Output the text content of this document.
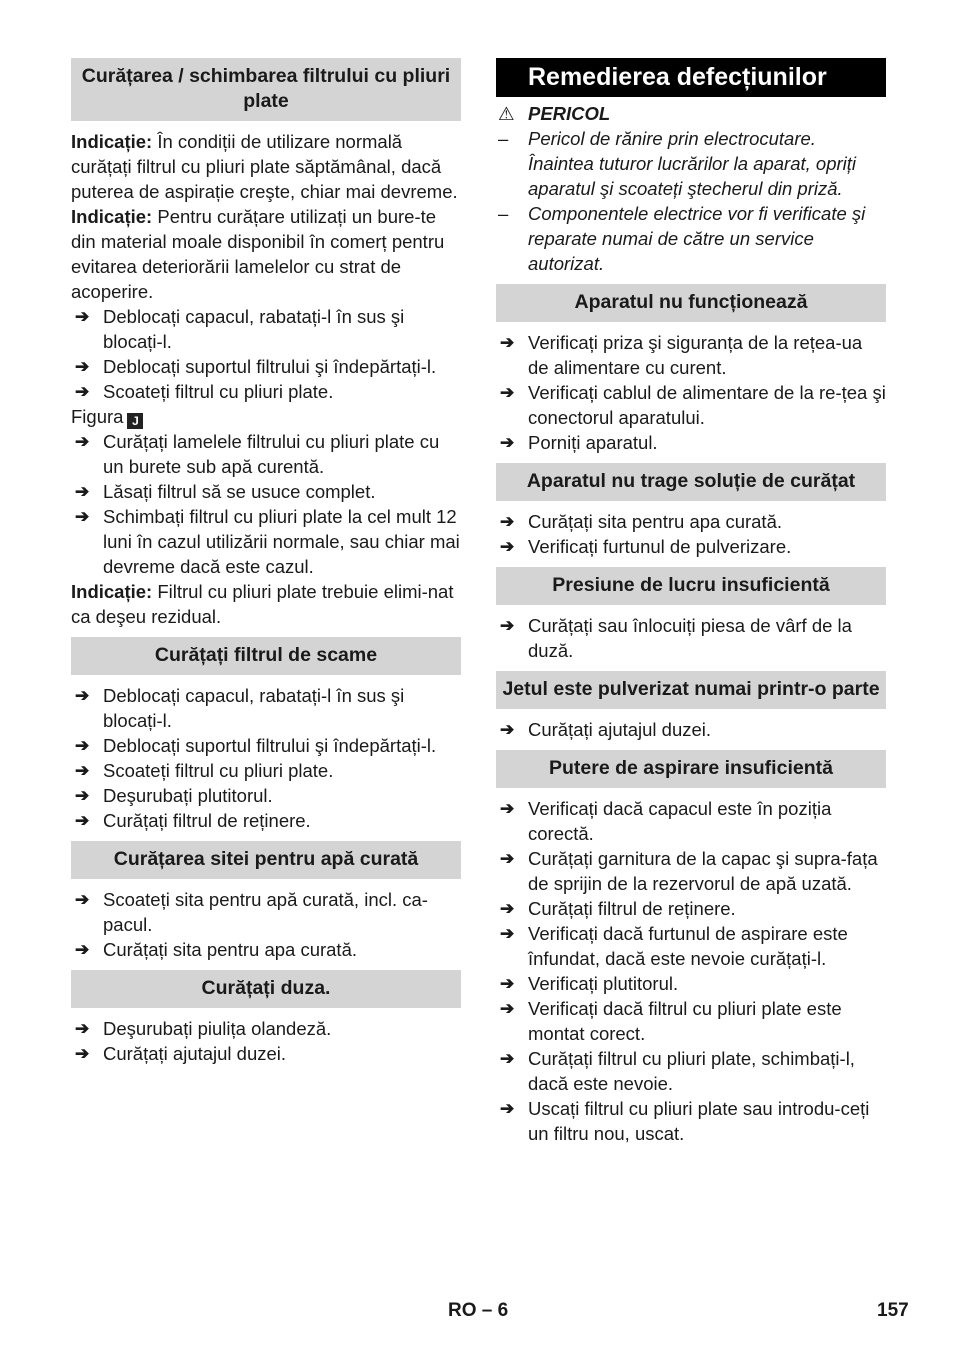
Curățarea / schimbarea filtrului cu pliuri plate

Indicație: În condiții de utilizare normală curățați filtrul cu pliuri plate săptămânal, dacă puterea de aspirație creşte, chiar mai devreme.

Indicație: Pentru curățare utilizați un bure-te din material moale disponibil în comerț pentru evitarea deteriorării lamelelor cu strat de acoperire.

➔ Deblocați capacul, rabatați-l în sus şi blocați-l.
➔ Deblocați suportul filtrului şi îndepărtați-l.
➔ Scoateți filtrul cu pliuri plate.

Figura J

➔ Curățați lamelele filtrului cu pliuri plate cu un burete sub apă curentă.
➔ Lăsați filtrul să se usuce complet.
➔ Schimbați filtrul cu pliuri plate la cel mult 12 luni în cazul utilizării normale, sau chiar mai devreme dacă este cazul.

Indicație: Filtrul cu pliuri plate trebuie elimi-nat ca deşeu rezidual.

Curățați filtrul de scame
➔ Deblocați capacul, rabatați-l în sus şi blocați-l.
➔ Deblocați suportul filtrului şi îndepărtați-l.
➔ Scoateți filtrul cu pliuri plate.
➔ Deşurubați plutitorul.
➔ Curățați filtrul de reținere.
Curățarea sitei pentru apă curată
➔ Scoateți sita pentru apă curată, incl. ca-pacul.
➔ Curățați sita pentru apa curată.
Curățați duza.
➔ Deşurubați piulița olandeză.
➔ Curățați ajutajul duzei.
Remedierea defecțiunilor
⚠ PERICOL
– Pericol de rănire prin electrocutare. Înaintea tuturor lucrărilor la aparat, opriți aparatul şi scoateți ştecherul din priză.
– Componentele electrice vor fi verificate şi reparate numai de către un service autorizat.
Aparatul nu funcționează
➔ Verificați priza şi siguranța de la rețea-ua de alimentare cu curent.
➔ Verificați cablul de alimentare de la re-țea şi conectorul aparatului.
➔ Porniți aparatul.
Aparatul nu trage soluție de curățat
➔ Curățați sita pentru apa curată.
➔ Verificați furtunul de pulverizare.
Presiune de lucru insuficientă
➔ Curățați sau înlocuiți piesa de vârf de la duză.
Jetul este pulverizat numai printr-o parte
➔ Curățați ajutajul duzei.
Putere de aspirare insuficientă
➔ Verificați dacă capacul este în poziția corectă.
➔ Curățați garnitura de la capac şi supra-fața de sprijin de la rezervorul de apă uzată.
➔ Curățați filtrul de reținere.
➔ Verificați dacă furtunul de aspirare este înfundat, dacă este nevoie curățați-l.
➔ Verificați plutitorul.
➔ Verificați dacă filtrul cu pliuri plate este montat corect.
➔ Curățați filtrul cu pliuri plate, schimbați-l, dacă este nevoie.
➔ Uscați filtrul cu pliuri plate sau introdu-ceți un filtru nou, uscat.
RO – 6	157
